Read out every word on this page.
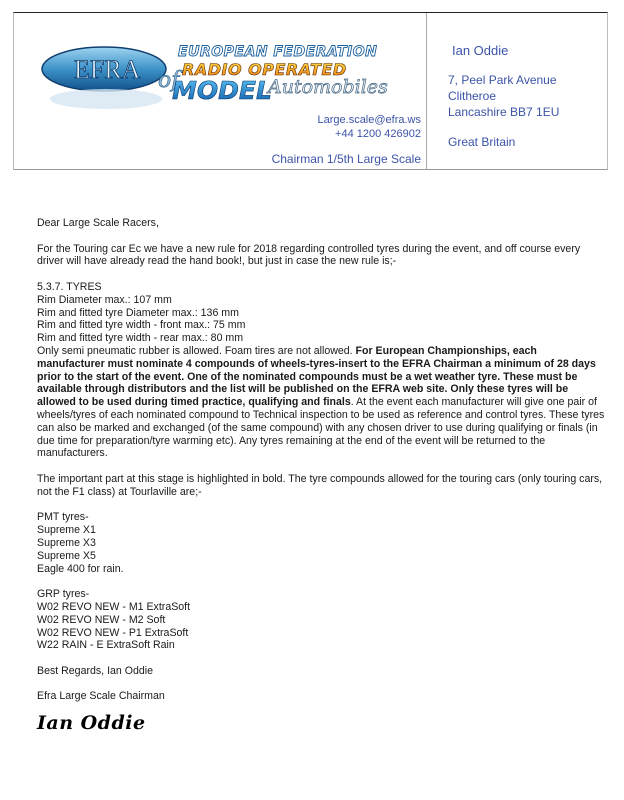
EFRA of
EUROPEAN FEDERATION
RADIO OPERATED
MODEL
Automobiles
Large.scale@efra.ws
+44 1200 426902
Chairman 1/5th Large Scale
Ian Oddie
7, Peel Park Avenue
Clitheroe
Lancashire BB7 1EU
Great Britain

Dear Large Scale Racers,

For the Touring car Ec we have a new rule for 2018 regarding controlled tyres during the event, and off course every driver will have already read the hand book!, but just in case the new rule is;-

5.3.7. TYRES
Rim Diameter max.: 107 mm
Rim and fitted tyre Diameter max.: 136 mm
Rim and fitted tyre width - front max.: 75 mm
Rim and fitted tyre width - rear max.: 80 mm

Only semi pneumatic rubber is allowed. Foam tires are not allowed. For European Championships, each manufacturer must nominate 4 compounds of wheels-tyres-insert to the EFRA Chairman a minimum of 28 days prior to the start of the event. One of the nominated compounds must be a wet weather tyre. These must be available through distributors and the list will be published on the EFRA web site. Only these tyres will be allowed to be used during timed practice, qualifying and finals. At the event each manufacturer will give one pair of wheels/tyres of each nominated compound to Technical inspection to be used as reference and control tyres. These tyres can also be marked and exchanged (of the same compound) with any chosen driver to use during qualifying or finals (in due time for preparation/tyre warming etc). Any tyres remaining at the end of the event will be returned to the manufacturers.

The important part at this stage is highlighted in bold. The tyre compounds allowed for the touring cars (only touring cars, not the F1 class) at Tourlaville are;-

PMT tyres-
Supreme X1
Supreme X3
Supreme X5
Eagle 400 for rain.
GRP tyres-
W02 REVO NEW - M1 ExtraSoft
W02 REVO NEW - M2 Soft
W02 REVO NEW - P1 ExtraSoft
W22 RAIN - E ExtraSoft Rain

Best Regards, Ian Oddie

Efra Large Scale Chairman

Ian Oddie
